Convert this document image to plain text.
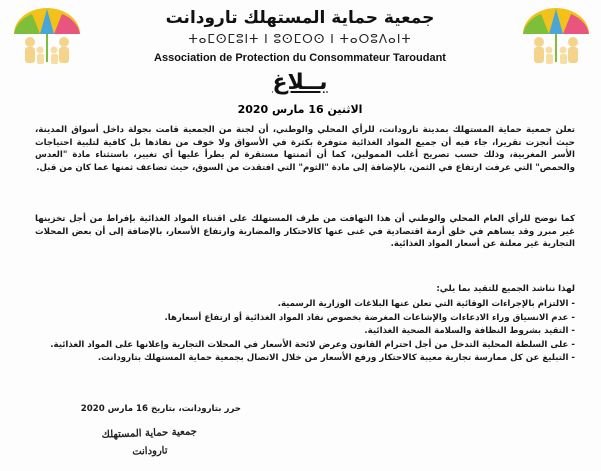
جمعية حماية المستهلك تارودانت
ⵜⴰⵎⵙⵎⵓⵏⵜ ⵏ ⵓⵙⵎⵔⵙ ⵏ ⵜⴰⵔⵓⴷⴰⵏⵜ
Association de Protection du Consommateur Taroudant
بــلاغ
الاثنين 16 مارس 2020
تعلن جمعية حماية المستهلك بمدينة تارودانت، للرأي المحلي والوطني، أن لجنة من الجمعية قامت بجولة داخل أسواق المدينة، حيث أنجزت تقريرا، جاء فيه أن جميع المواد الغذائية متوفرة بكثرة في الأسواق ولا خوف من نفاذها بل كافية لتلبية احتياجات الأسر المغربية، وذلك حسب تصريح أغلب الممولين، كما أن أثمنتها مستقرة لم يطرأ عليها أي تغيير، باستثناء مادة "العدس والحمص" التي عرفت ارتفاع في الثمن، بالإضافة إلى مادة "الثوم" التي افتقدت من السوق، حيث تضاعف ثمنها عما كان من قبل.
كما نوضح للرأي العام المحلي والوطني أن هذا التهافت من طرف المستهلك على اقتناء المواد الغذائية بإفراط من أجل تخزينها غير مبرر وقد يساهم في خلق أزمة اقتصادية في غنى عنها كالاحتكار والمضاربة وارتفاع الأسعار، بالإضافة إلى أن بعض المحلات التجارية غير معلنة عن أسعار المواد الغذائية.
لهذا نناشد الجميع للتقيد بما يلي:
- الالتزام بالإجراءات الوقائية التي تعلن عنها البلاغات الوزارية الرسمية.
- عدم الانسياق وراء الادعاءات والإشاعات المغرضة بخصوص نفاد المواد الغذائية أو ارتفاع أسعارها.
- التقيد بشروط النظافة والسلامة الصحية الغذائية.
- على السلطة المحلية التدخل من أجل احترام القانون وعرض لائحة الأسعار في المحلات التجارية وإعلانها على المواد الغذائية.
- التبليغ عن كل ممارسة تجارية معيبة كالاحتكار ورفع الأسعار من خلال الاتصال بجمعية حماية المستهلك بتارودانت.
حرر بتارودانت، بتاريخ 16 مارس 2020
جمعية حماية المستهلك
تارودانت
